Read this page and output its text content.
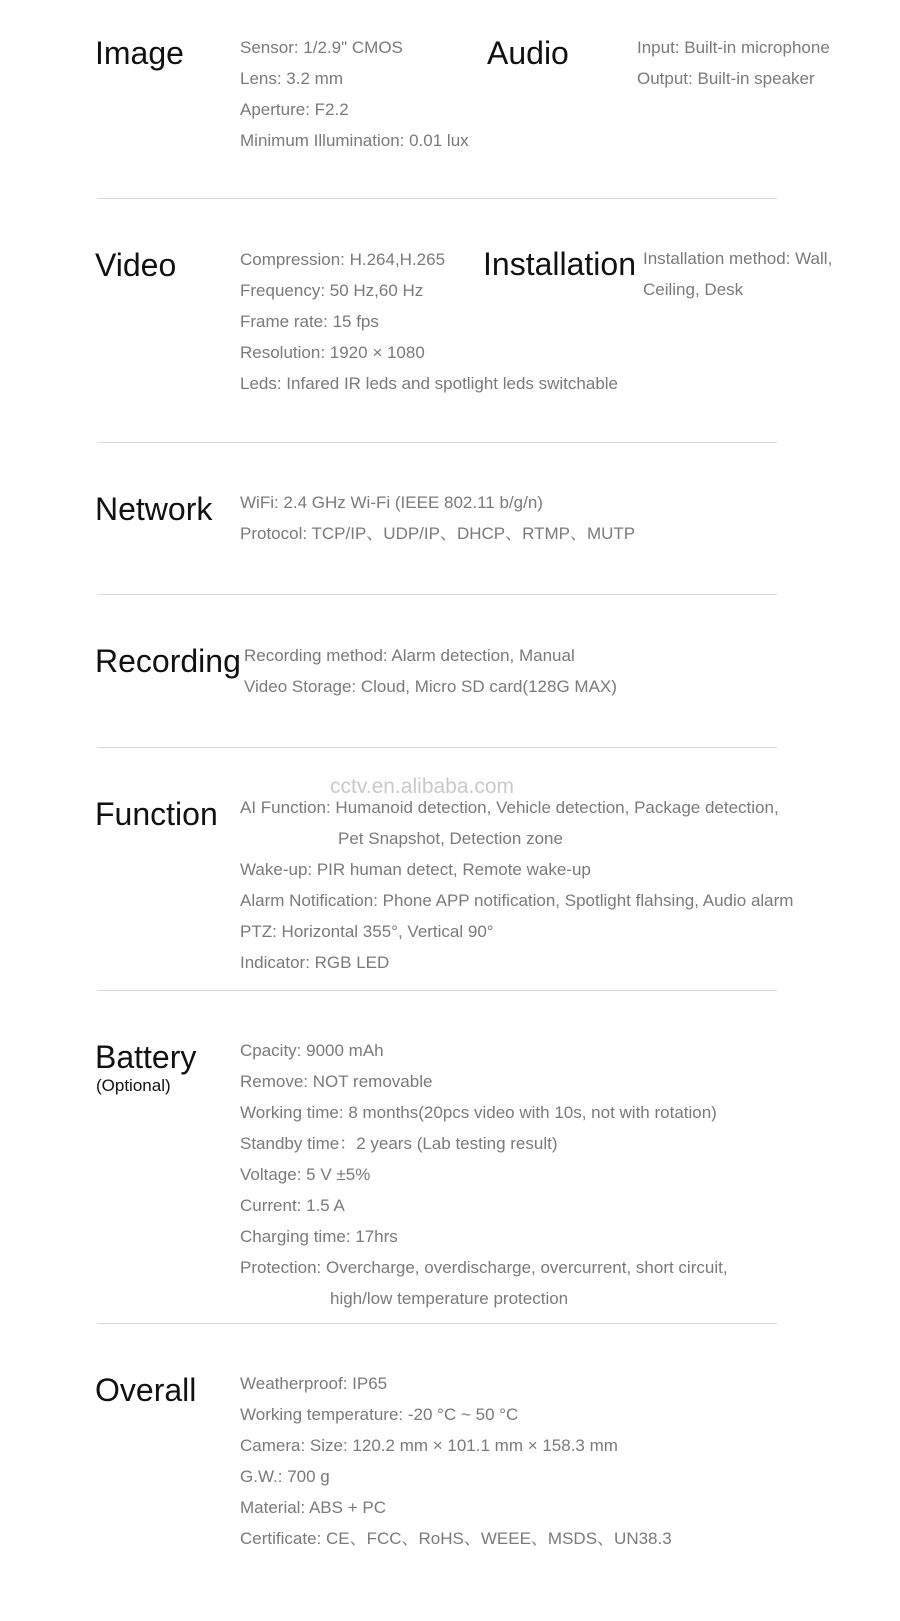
Image	Sensor: 1/2.9" CMOS
Lens: 3.2 mm
Aperture: F2.2
Minimum Illumination: 0.01 lux
Audio	Input: Built-in microphone
Output: Built-in speaker
Video	Compression: H.264,H.265
Frequency: 50 Hz,60 Hz
Frame rate: 15 fps
Resolution: 1920 × 1080
Leds: Infared IR leds and spotlight leds switchable
Installation Installation method: Wall,
Ceiling, Desk
Network WiFi: 2.4 GHz Wi-Fi (IEEE 802.11 b/g/n)
Protocol: TCP/IP、UDP/IP、DHCP、RTMP、MUTP
Recording Recording method: Alarm detection, Manual
Video Storage: Cloud, Micro SD card(128G MAX)
cctv.en.alibaba.com
Function AI Function: Humanoid detection, Vehicle detection, Package detection,
Pet Snapshot, Detection zone
Wake-up: PIR human detect, Remote wake-up
Alarm Notification: Phone APP notification, Spotlight flahsing, Audio alarm
PTZ: Horizontal 355°, Vertical 90°
Indicator: RGB LED
Battery
(Optional)
Cpacity: 9000 mAh
Remove: NOT removable
Working time: 8 months(20pcs video with 10s, not with rotation)
Standby time：2 years (Lab testing result)
Voltage: 5 V ±5%
Current: 1.5 A
Charging time: 17hrs
Protection: Overcharge, overdischarge, overcurrent, short circuit,
high/low temperature protection
Overall	Weatherproof: IP65
Working temperature: -20 °C ~ 50 °C
Camera: Size: 120.2 mm × 101.1 mm × 158.3 mm
G.W.: 700 g
Material: ABS + PC
Certificate: CE、FCC、RoHS、WEEE、MSDS、UN38.3
